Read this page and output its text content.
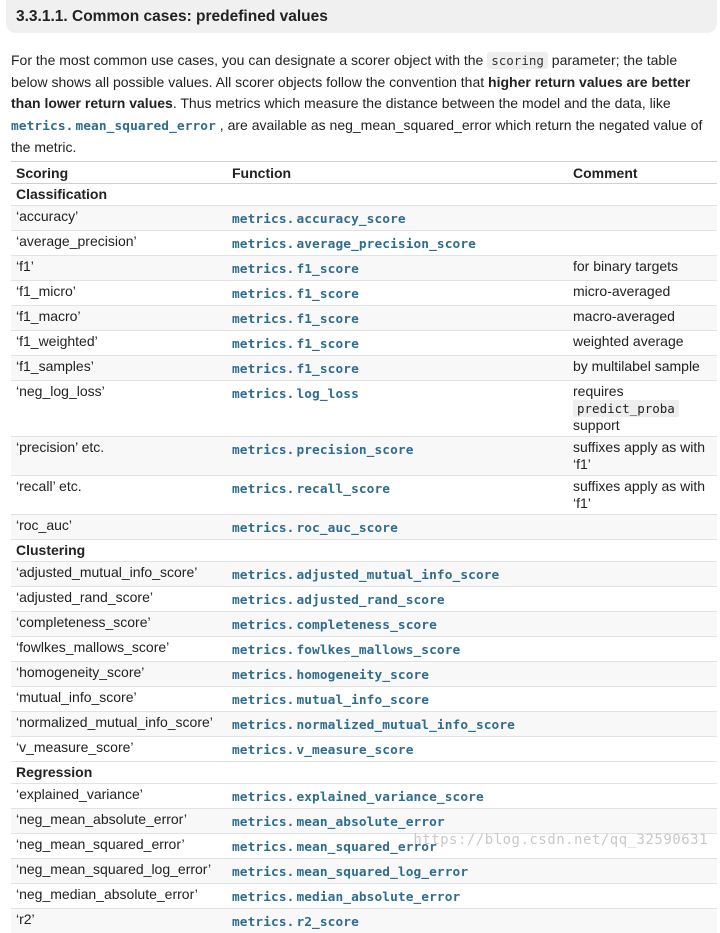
3.3.1.1. Common cases: predefined values

For the most common use cases, you can designate a scorer object with the scoring parameter; the table below shows all possible values. All scorer objects follow the convention that higher return values are better than lower return values. Thus metrics which measure the distance between the model and the data, like metrics. mean_squared_error , are available as neg_mean_squared_error which return the negated value of the metric.

Scoring	Function	Comment
Classification		
‘accuracy’	metrics. accuracy_score	
‘average_precision’	metrics. average_precision_score	
‘f1’	metrics. f1_score	for binary targets
‘f1_micro’	metrics. f1_score	micro-averaged
‘f1_macro’	metrics. f1_score	macro-averaged
‘f1_weighted’	metrics. f1_score	weighted average
‘f1_samples’	metrics. f1_score	by multilabel sample
‘neg_log_loss’	metrics. log_loss	requires
predict_proba
support

‘precision’ etc.	metrics. precision_score	suffixes apply as with ‘f1’
‘recall’ etc.	metrics. recall_score	suffixes apply as with ‘f1’
‘roc_auc’	metrics. roc_auc_score	
Clustering		
‘adjusted_mutual_info_score’	metrics. adjusted_mutual_info_score	
‘adjusted_rand_score’	metrics. adjusted_rand_score	
‘completeness_score’	metrics. completeness_score	
‘fowlkes_mallows_score’	metrics. fowlkes_mallows_score	
‘homogeneity_score’	metrics. homogeneity_score	
‘mutual_info_score’	metrics. mutual_info_score	
‘normalized_mutual_info_score’	metrics. normalized_mutual_info_score	
‘v_measure_score’	metrics. v_measure_score	
Regression		
‘explained_variance’	metrics. explained_variance_score	
‘neg_mean_absolute_error’	metrics. mean_absolute_error	
‘neg_mean_squared_error’	metrics. mean_squared_error	
‘neg_mean_squared_log_error’	metrics. mean_squared_log_error	
‘neg_median_absolute_error’	metrics. median_absolute_error	
‘r2’	metrics. r2_score	
https://blog.csdn.net/qq_32590631
